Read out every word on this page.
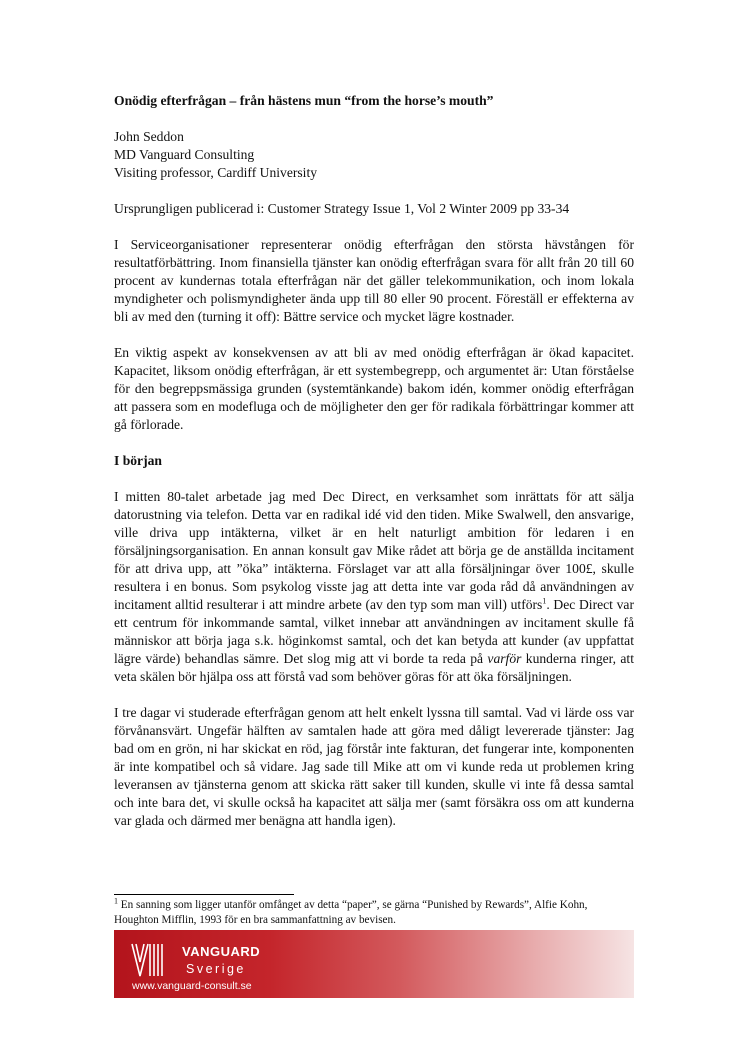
Onödig efterfrågan – från hästens mun “from the horse’s mouth”

John Seddon

MD Vanguard Consulting

Visiting professor, Cardiff University

Ursprungligen publicerad i: Customer Strategy Issue 1, Vol 2 Winter 2009 pp 33-34

I Serviceorganisationer representerar onödig efterfrågan den största hävstången för resultatförbättring. Inom finansiella tjänster kan onödig efterfrågan svara för allt från 20 till 60 procent av kundernas totala efterfrågan när det gäller telekommunikation, och inom lokala myndigheter och polismyndigheter ända upp till 80 eller 90 procent. Föreställ er effekterna av bli av med den (turning it off): Bättre service och mycket lägre kostnader.

En viktig aspekt av konsekvensen av att bli av med onödig efterfrågan är ökad kapacitet. Kapacitet, liksom onödig efterfrågan, är ett systembegrepp, och argumentet är: Utan förståelse för den begreppsmässiga grunden (systemtänkande) bakom idén, kommer onödig efterfrågan att passera som en modefluga och de möjligheter den ger för radikala förbättringar kommer att gå förlorade.

I början

I mitten 80-talet arbetade jag med Dec Direct, en verksamhet som inrättats för att sälja datorustning via telefon. Detta var en radikal idé vid den tiden. Mike Swalwell, den ansvarige, ville driva upp intäkterna, vilket är en helt naturligt ambition för ledaren i en försäljningsorganisation. En annan konsult gav Mike rådet att börja ge de anställda incitament för att driva upp, att ”öka” intäkterna. Förslaget var att alla försäljningar över 100£, skulle resultera i en bonus. Som psykolog visste jag att detta inte var goda råd då användningen av incitament alltid resulterar i att mindre arbete (av den typ som man vill) utförs$^1$. Dec Direct var ett centrum för inkommande samtal, vilket innebar att användningen av incitament skulle få människor att börja jaga s.k. höginkomst samtal, och det kan betyda att kunder (av uppfattat lägre värde) behandlas sämre. Det slog mig att vi borde ta reda på varför kunderna ringer, att veta skälen bör hjälpa oss att förstå vad som behöver göras för att öka försäljningen.

I tre dagar vi studerade efterfrågan genom att helt enkelt lyssna till samtal. Vad vi lärde oss var förvånansvärt. Ungefär hälften av samtalen hade att göra med dåligt levererade tjänster: Jag bad om en grön, ni har skickat en röd, jag förstår inte fakturan, det fungerar inte, komponenten är inte kompatibel och så vidare. Jag sade till Mike att om vi kunde reda ut problemen kring leveransen av tjänsterna genom att skicka rätt saker till kunden, skulle vi inte få dessa samtal och inte bara det, vi skulle också ha kapacitet att sälja mer (samt försäkra oss om att kunderna var glada och därmed mer benägna att handla igen).

$^1$ En sanning som ligger utanför omfånget av detta “paper”, se gärna “Punished by Rewards”, Alfie Kohn, Houghton Mifflin, 1993 för en bra sammanfattning av bevisen.
VANGUARD
Sverige
www.vanguard-consult.se
